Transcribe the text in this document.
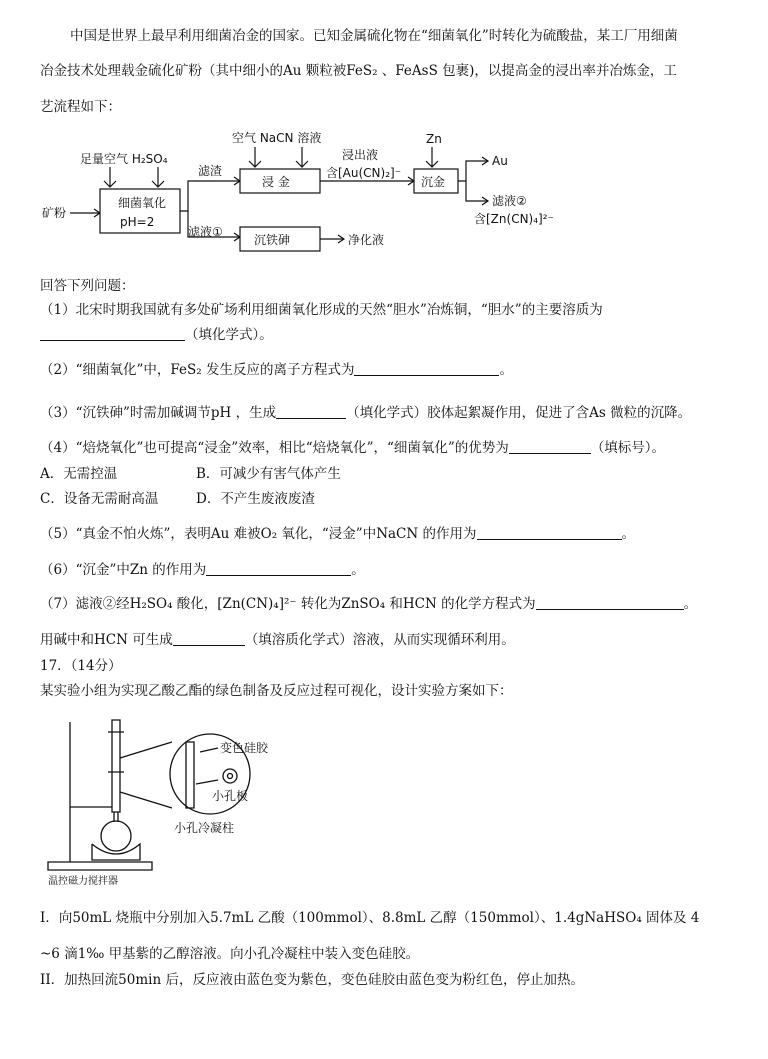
中国是世界上最早利用细菌冶金的国家。已知金属硫化物在“细菌氧化”时转化为硫酸盐，某工厂用细菌
冶金技术处理载金硫化矿粉（其中细小的Au 颗粒被FeS₂ 、FeAsS 包裹)，以提高金的浸出率并冶炼金，工
艺流程如下：
足量空气 H₂SO₄
矿粉
细菌氧化
pH=2
滤渣
滤液①
空气 NaCN 溶液
浸 金
浸出液
含[Au(CN)₂]⁻
Zn
沉金
Au
滤液②
含[Zn(CN)₄]²⁻
沉铁砷	净化液
回答下列问题：
（1）北宋时期我国就有多处矿场利用细菌氧化形成的天然“胆水”冶炼铜，“胆水”的主要溶质为
（填化学式）。
（2）“细菌氧化”中，FeS₂ 发生反应的离子方程式为	。
（3）“沉铁砷”时需加碱调节pH ，生成	（填化学式）胶体起絮凝作用，促进了含As 微粒的沉降。
（4）“焙烧氧化”也可提高“浸金”效率，相比“焙烧氧化”，“细菌氧化”的优势为	（填标号）。
A．无需控温	B．可减少有害气体产生
C．设备无需耐高温	D．不产生废液废渣
（5）“真金不怕火炼”，表明Au 难被O₂ 氧化，“浸金”中NaCN 的作用为	。
（6）“沉金”中Zn 的作用为	。
（7）滤液②经H₂SO₄ 酸化，[Zn(CN)₄]²⁻ 转化为ZnSO₄ 和HCN 的化学方程式为	。
用碱中和HCN 可生成	（填溶质化学式）溶液，从而实现循环利用。
17．（14分）
某实验小组为实现乙酸乙酯的绿色制备及反应过程可视化，设计实验方案如下：
变色硅胶
小孔板
小孔冷凝柱
温控磁力搅拌器
I．向50mL 烧瓶中分别加入5.7mL 乙酸（100mmol）、8.8mL 乙醇（150mmol）、1.4gNaHSO₄ 固体及 4
~6 滴1‰ 甲基紫的乙醇溶液。向小孔冷凝柱中装入变色硅胶。
II．加热回流50min 后，反应液由蓝色变为紫色，变色硅胶由蓝色变为粉红色，停止加热。
